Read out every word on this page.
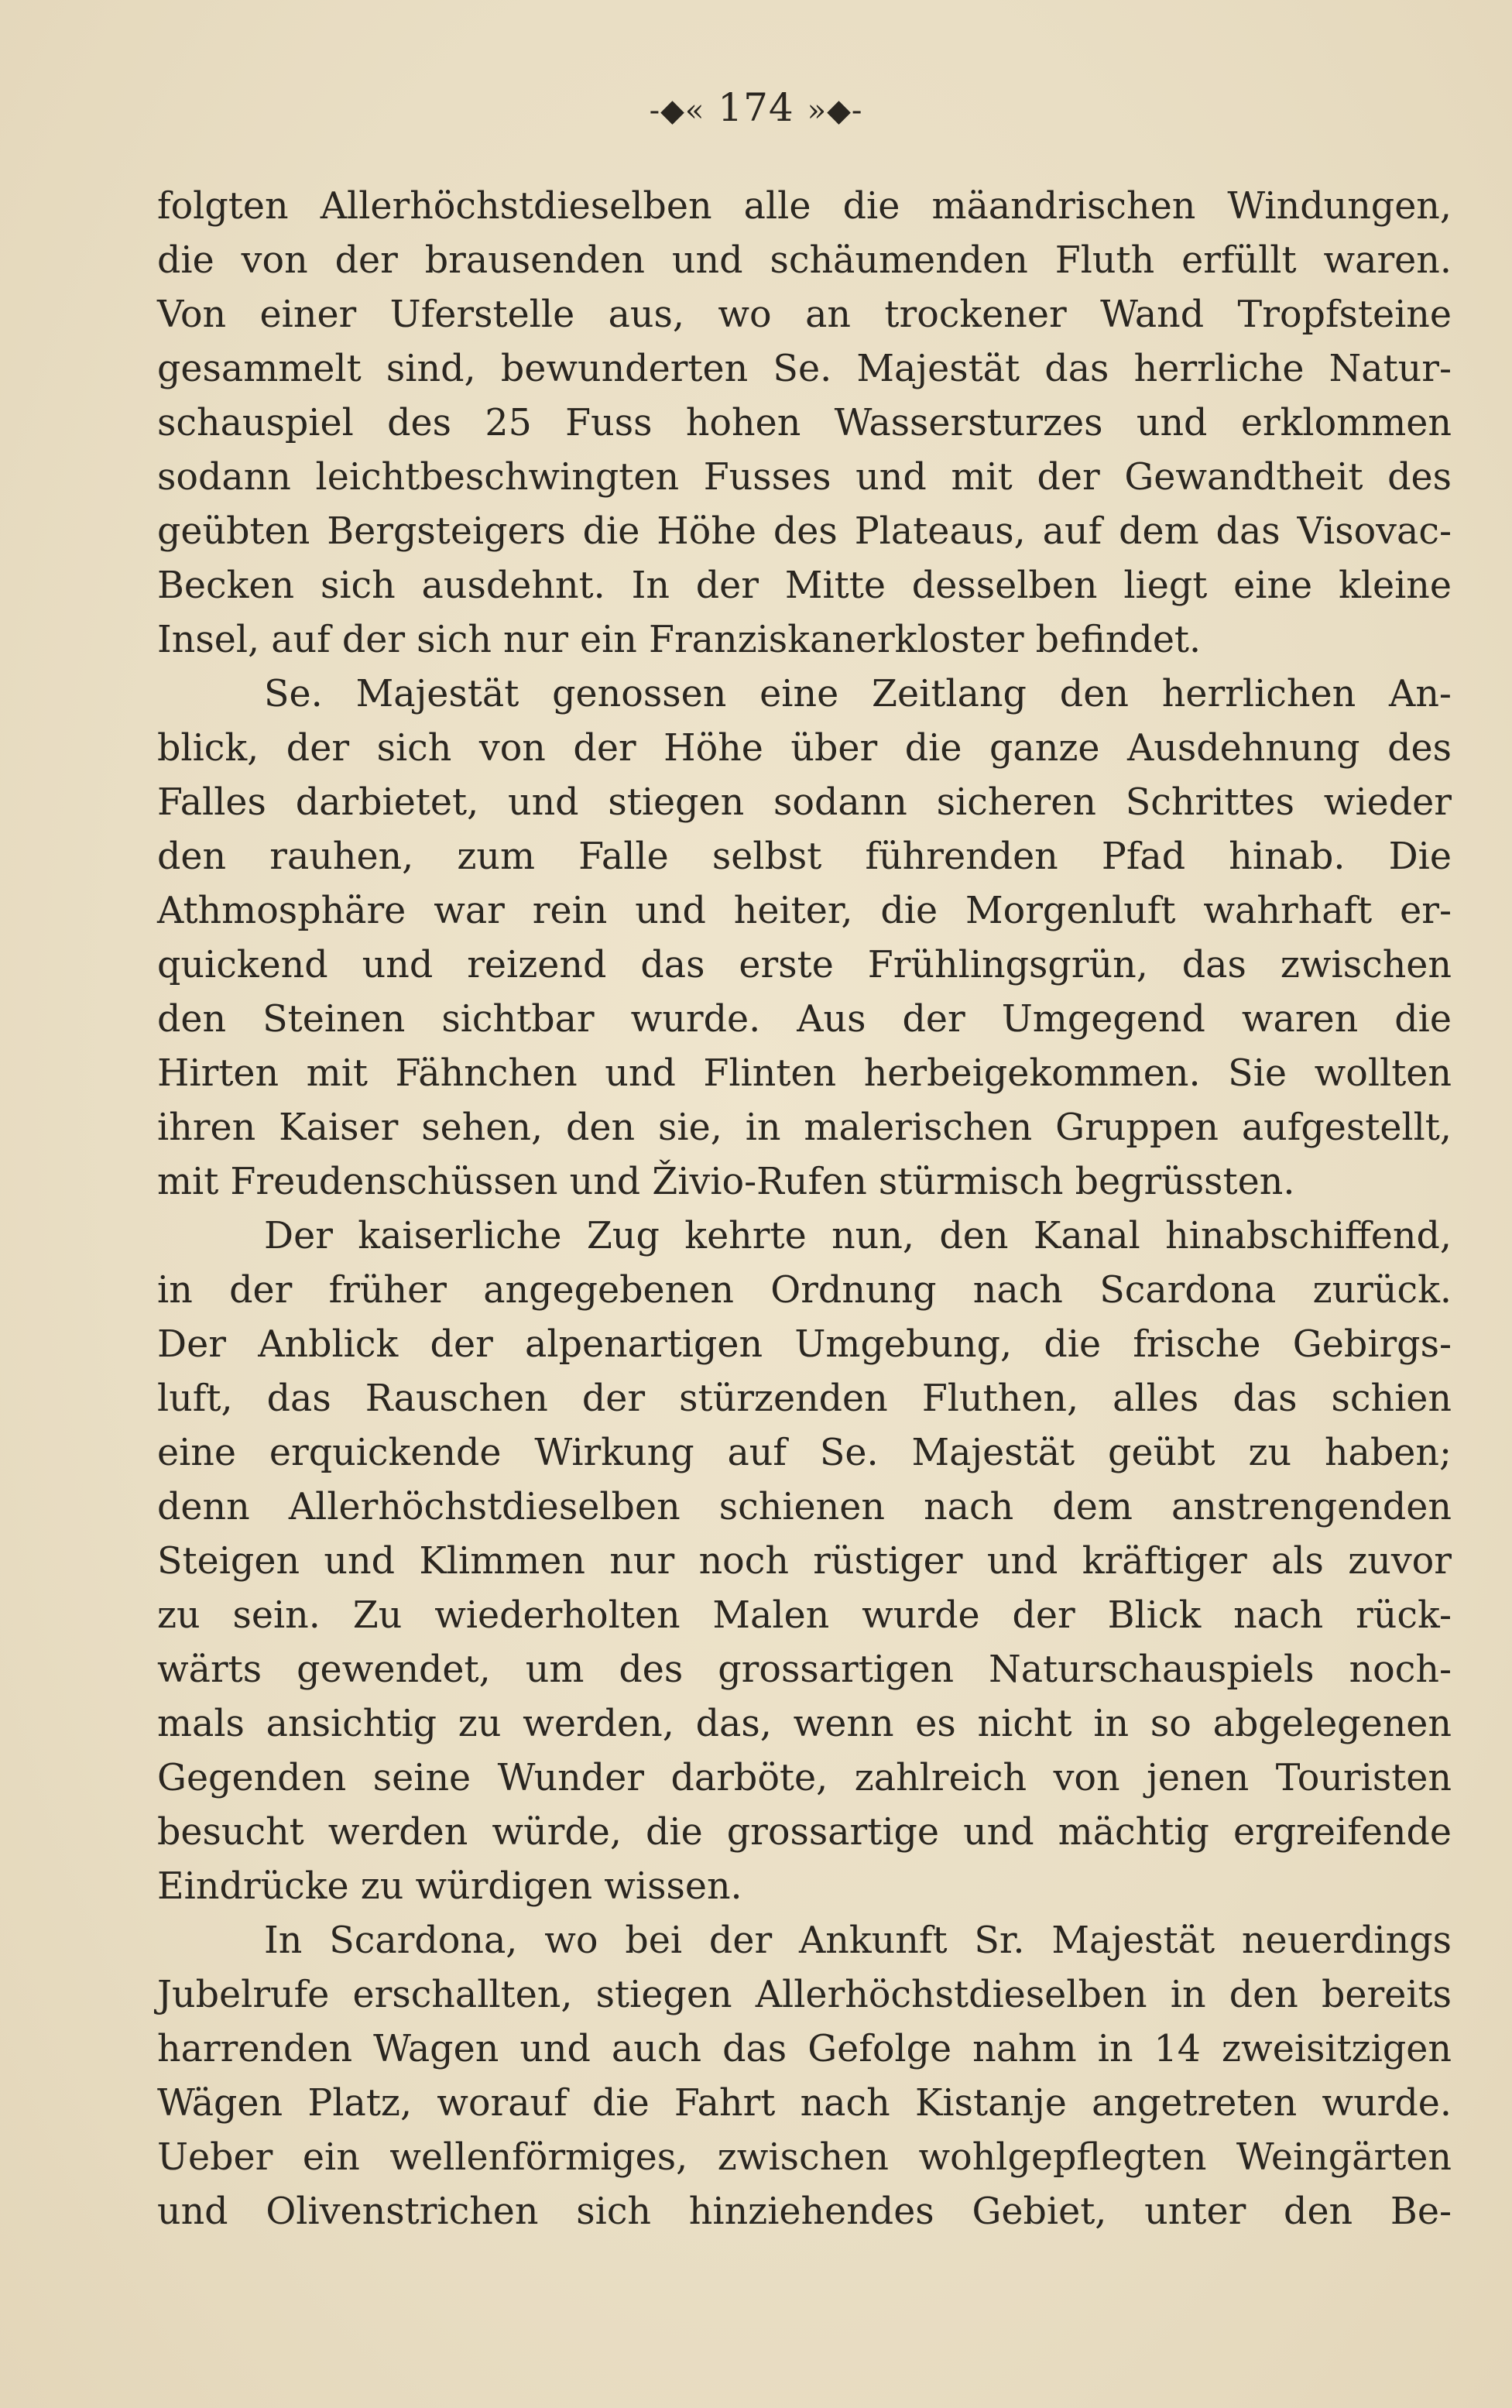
-◆« 174 »◆-
folgten Allerhöchstdieselben alle die mäandrischen Windungen,
die von der brausenden und schäumenden Fluth erfüllt waren.
Von einer Uferstelle aus, wo an trockener Wand Tropfsteine
gesammelt sind, bewunderten Se. Majestät das herrliche Natur-
schauspiel des 25 Fuss hohen Wassersturzes und erklommen
sodann leichtbeschwingten Fusses und mit der Gewandtheit des
geübten Bergsteigers die Höhe des Plateaus, auf dem das Visovac-
Becken sich ausdehnt. In der Mitte desselben liegt eine kleine
Insel, auf der sich nur ein Franziskanerkloster befindet.
Se. Majestät genossen eine Zeitlang den herrlichen An-
blick, der sich von der Höhe über die ganze Ausdehnung des
Falles darbietet, und stiegen sodann sicheren Schrittes wieder
den rauhen, zum Falle selbst führenden Pfad hinab. Die
Athmosphäre war rein und heiter, die Morgenluft wahrhaft er-
quickend und reizend das erste Frühlingsgrün, das zwischen
den Steinen sichtbar wurde. Aus der Umgegend waren die
Hirten mit Fähnchen und Flinten herbeigekommen. Sie wollten
ihren Kaiser sehen, den sie, in malerischen Gruppen aufgestellt,
mit Freudenschüssen und Živio-Rufen stürmisch begrüssten.
Der kaiserliche Zug kehrte nun, den Kanal hinabschiffend,
in der früher angegebenen Ordnung nach Scardona zurück.
Der Anblick der alpenartigen Umgebung, die frische Gebirgs-
luft, das Rauschen der stürzenden Fluthen, alles das schien
eine erquickende Wirkung auf Se. Majestät geübt zu haben;
denn Allerhöchstdieselben schienen nach dem anstrengenden
Steigen und Klimmen nur noch rüstiger und kräftiger als zuvor
zu sein. Zu wiederholten Malen wurde der Blick nach rück-
wärts gewendet, um des grossartigen Naturschauspiels noch-
mals ansichtig zu werden, das, wenn es nicht in so abgelegenen
Gegenden seine Wunder darböte, zahlreich von jenen Touristen
besucht werden würde, die grossartige und mächtig ergreifende
Eindrücke zu würdigen wissen.
In Scardona, wo bei der Ankunft Sr. Majestät neuerdings
Jubelrufe erschallten, stiegen Allerhöchstdieselben in den bereits
harrenden Wagen und auch das Gefolge nahm in 14 zweisitzigen
Wägen Platz, worauf die Fahrt nach Kistanje angetreten wurde.
Ueber ein wellenförmiges, zwischen wohlgepflegten Weingärten
und Olivenstrichen sich hinziehendes Gebiet, unter den Be-
